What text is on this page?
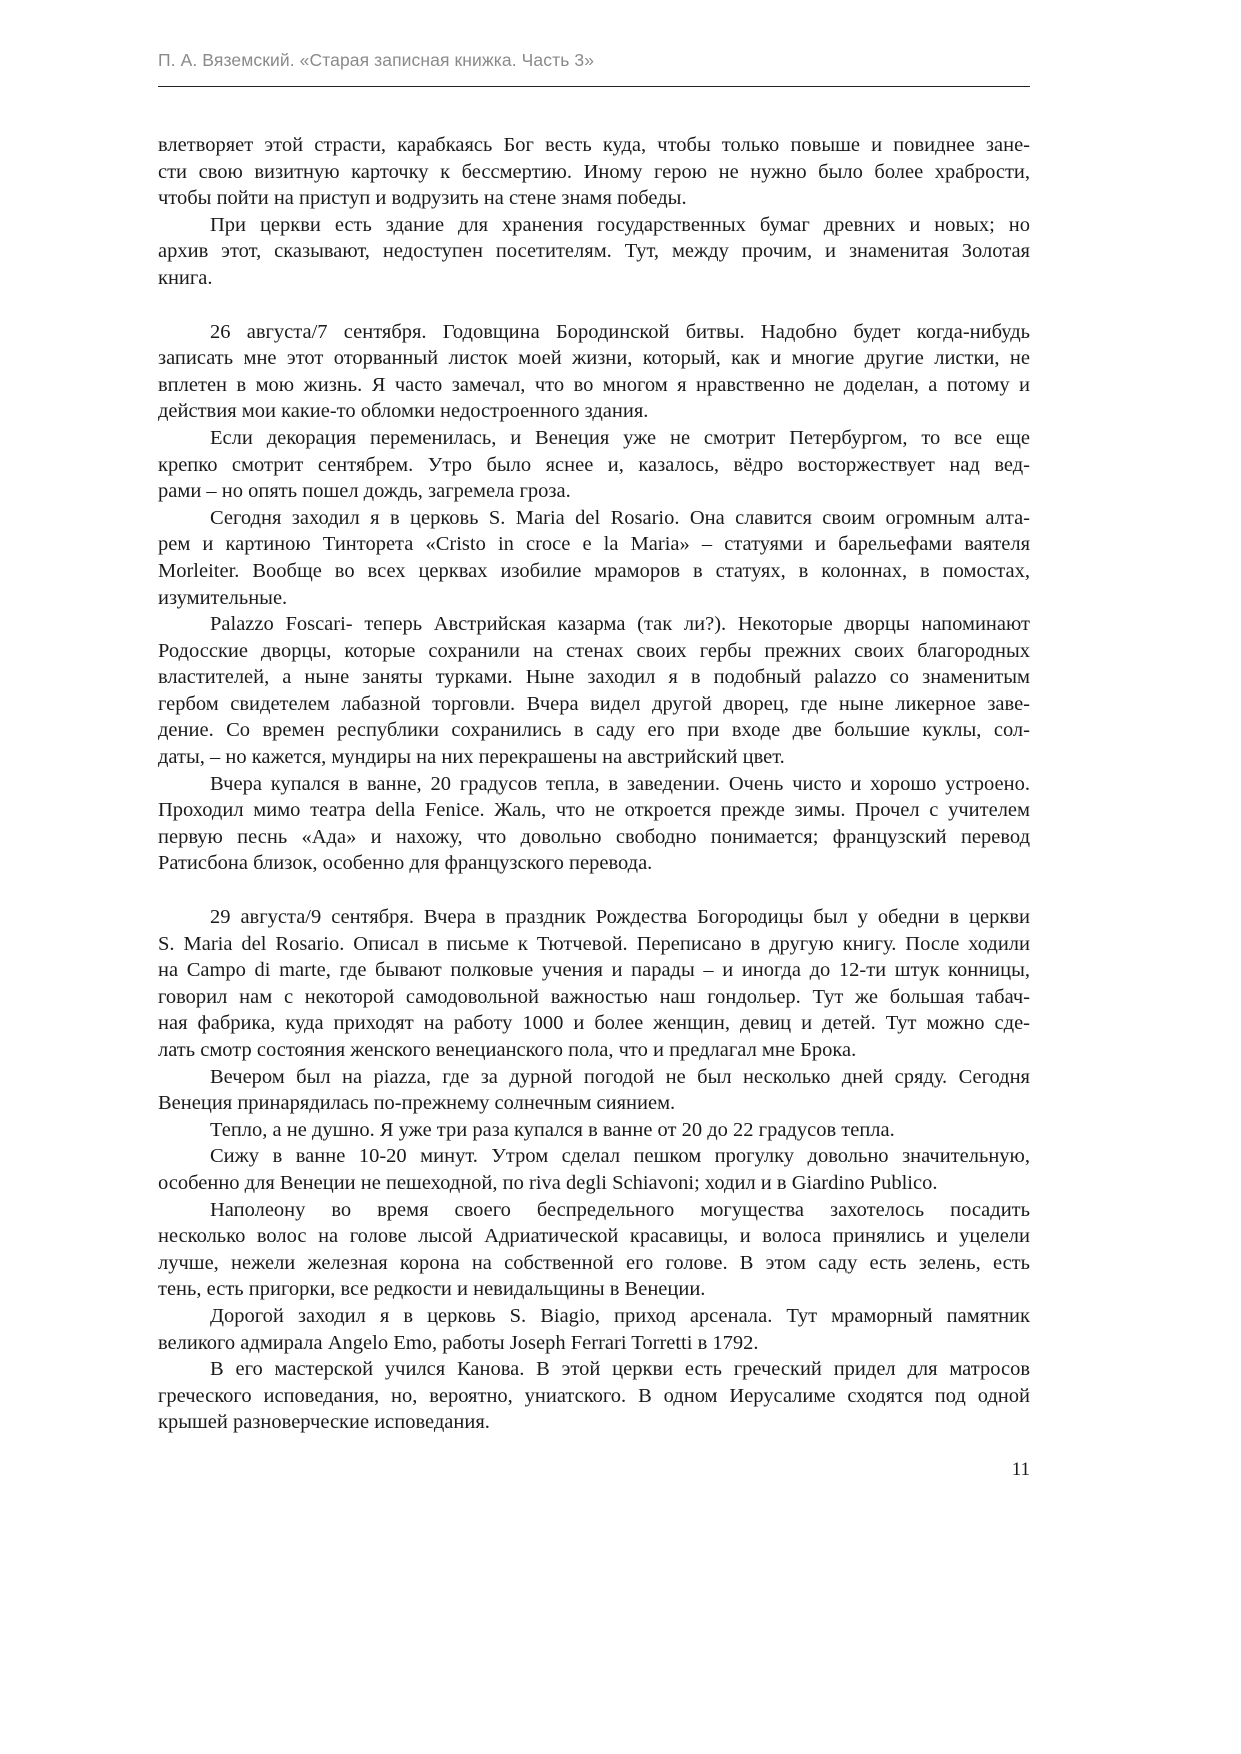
П. А. Вяземский. «Старая записная книжка. Часть 3»
влетворяет этой страсти, карабкаясь Бог весть куда, чтобы только повыше и повиднее зане-
сти свою визитную карточку к бессмертию. Иному герою не нужно было более храбрости,
чтобы пойти на приступ и водрузить на стене знамя победы.
При церкви есть здание для хранения государственных бумаг древних и новых; но
архив этот, сказывают, недоступен посетителям. Тут, между прочим, и знаменитая Золотая
книга.
26 августа/7 сентября. Годовщина Бородинской битвы. Надобно будет когда-нибудь
записать мне этот оторванный листок моей жизни, который, как и многие другие листки, не
вплетен в мою жизнь. Я часто замечал, что во многом я нравственно не доделан, а потому и
действия мои какие-то обломки недостроенного здания.
Если декорация переменилась, и Венеция уже не смотрит Петербургом, то все еще
крепко смотрит сентябрем. Утро было яснее и, казалось, вёдро восторжествует над вед-
рами – но опять пошел дождь, загремела гроза.
Сегодня заходил я в церковь S. Maria del Rosario. Она славится своим огромным алта-
рем и картиною Тинторета «Cristo in croce e la Maria» – статуями и барельефами ваятеля
Morleiter. Вообще во всех церквах изобилие мраморов в статуях, в колоннах, в помостах,
изумительные.
Palazzo Foscari- теперь Австрийская казарма (так ли?). Некоторые дворцы напоминают
Родосские дворцы, которые сохранили на стенах своих гербы прежних своих благородных
властителей, а ныне заняты турками. Ныне заходил я в подобный palazzo со знаменитым
гербом свидетелем лабазной торговли. Вчера видел другой дворец, где ныне ликерное заве-
дение. Со времен республики сохранились в саду его при входе две большие куклы, сол-
даты, – но кажется, мундиры на них перекрашены на австрийский цвет.
Вчера купался в ванне, 20 градусов тепла, в заведении. Очень чисто и хорошо устроено.
Проходил мимо театра della Fenice. Жаль, что не откроется прежде зимы. Прочел с учителем
первую песнь «Ада» и нахожу, что довольно свободно понимается; французский перевод
Ратисбона близок, особенно для французского перевода.
29 августа/9 сентября. Вчера в праздник Рождества Богородицы был у обедни в церкви
S. Maria del Rosario. Описал в письме к Тютчевой. Переписано в другую книгу. После ходили
на Campo di marte, где бывают полковые учения и парады – и иногда до 12-ти штук конницы,
говорил нам с некоторой самодовольной важностью наш гондольер. Тут же большая табач-
ная фабрика, куда приходят на работу 1000 и более женщин, девиц и детей. Тут можно сде-
лать смотр состояния женского венецианского пола, что и предлагал мне Брока.
Вечером был на piazza, где за дурной погодой не был несколько дней сряду. Сегодня
Венеция принарядилась по-прежнему солнечным сиянием.
Тепло, а не душно. Я уже три раза купался в ванне от 20 до 22 градусов тепла.
Сижу в ванне 10-20 минут. Утром сделал пешком прогулку довольно значительную,
особенно для Венеции не пешеходной, по riva degli Schiavoni; ходил и в Giardino Publico.
Наполеону во время своего беспредельного могущества захотелось посадить
несколько волос на голове лысой Адриатической красавицы, и волоса принялись и уцелели
лучше, нежели железная корона на собственной его голове. В этом саду есть зелень, есть
тень, есть пригорки, все редкости и невидальщины в Венеции.
Дорогой заходил я в церковь S. Biagio, приход арсенала. Тут мраморный памятник
великого адмирала Angelo Emo, работы Joseph Ferrari Torretti в 1792.
В его мастерской учился Канова. В этой церкви есть греческий придел для матросов
греческого исповедания, но, вероятно, униатского. В одном Иерусалиме сходятся под одной
крышей разноверческие исповедания.
11
